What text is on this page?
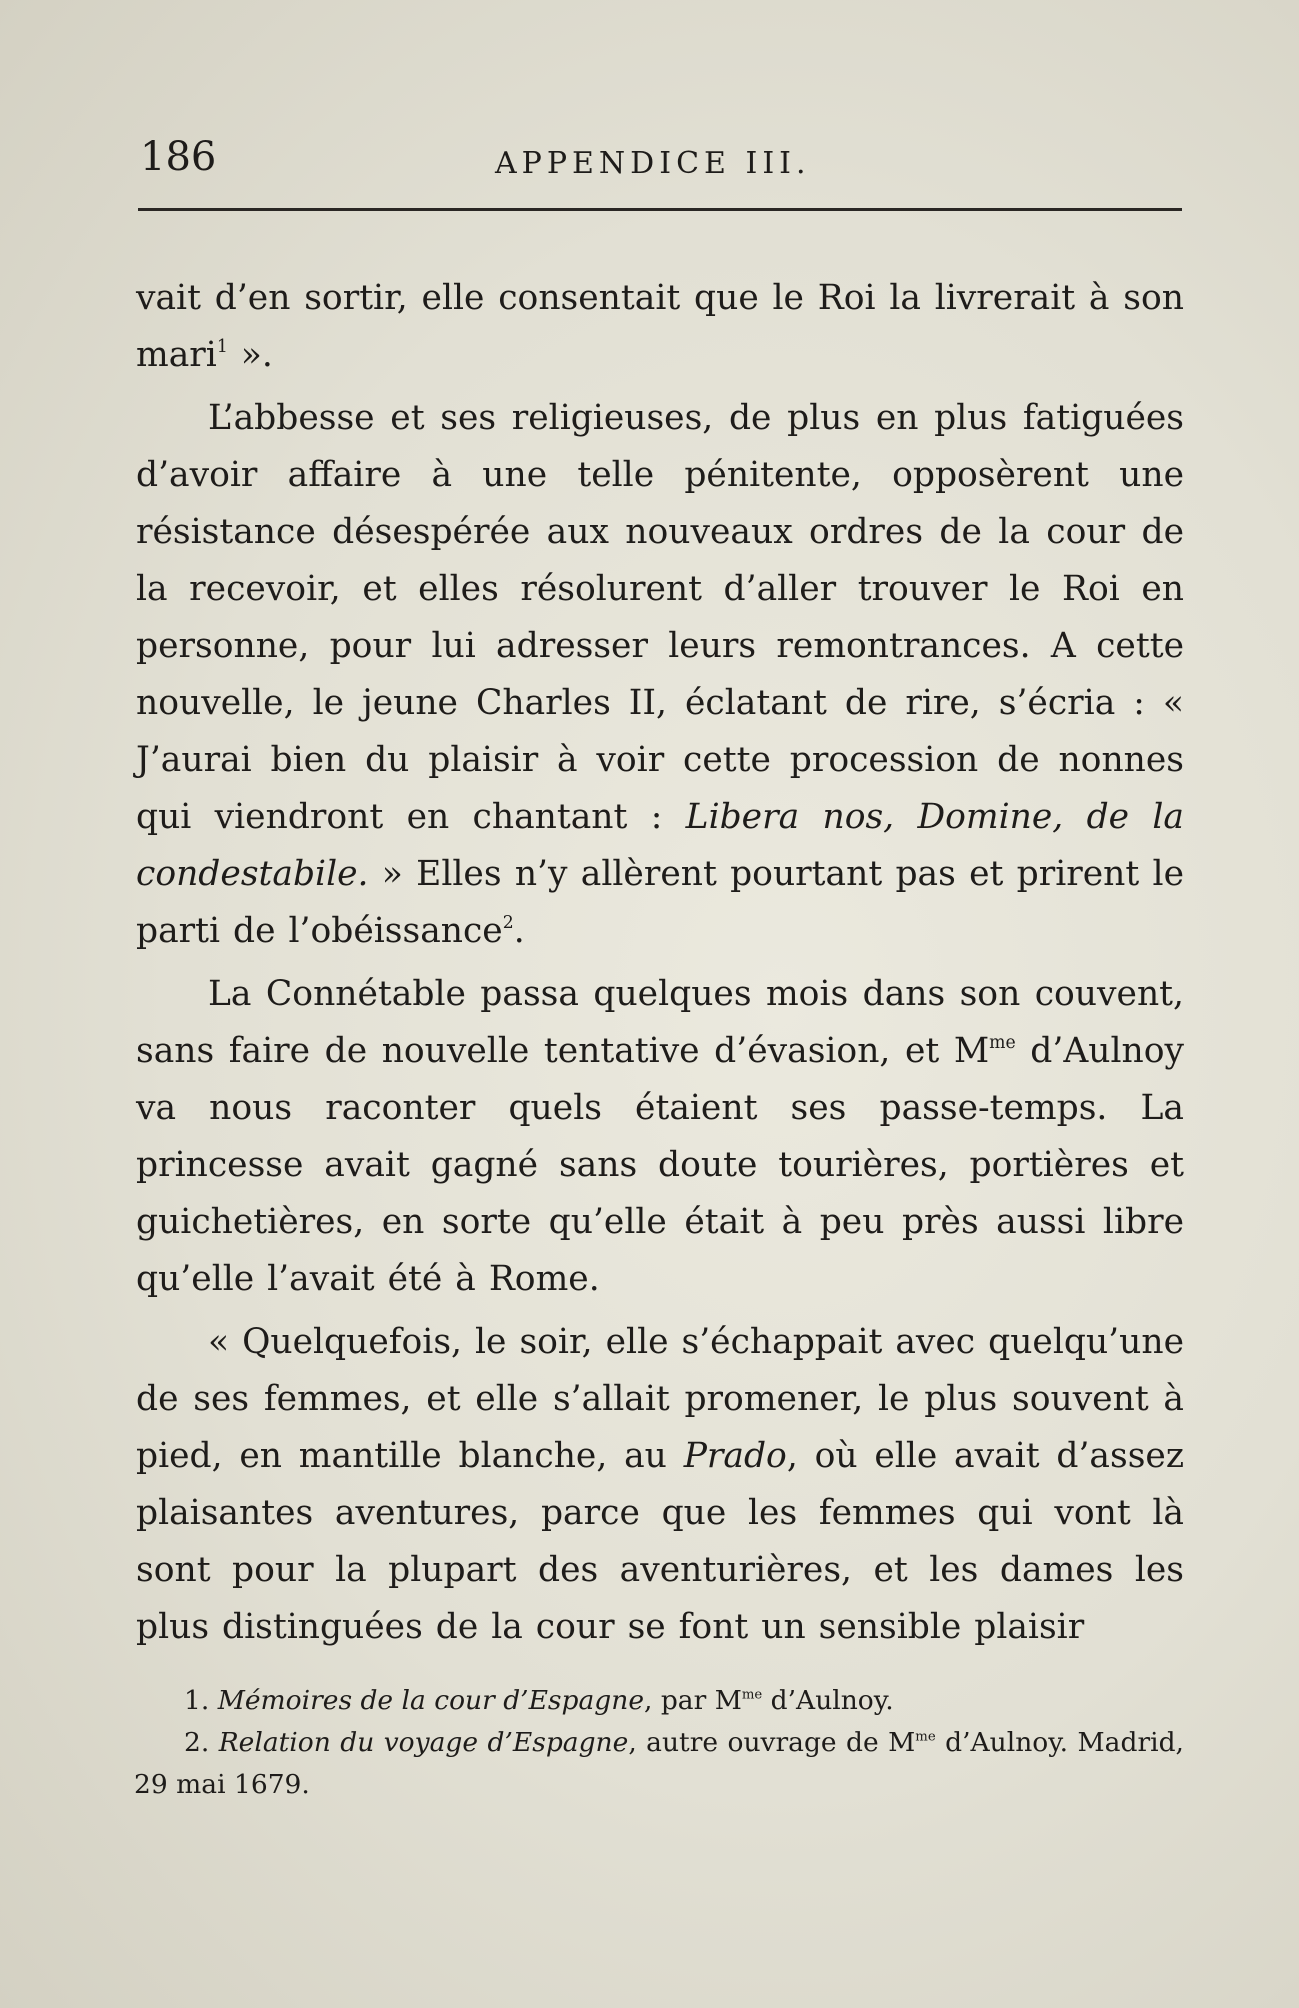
186	APPENDICE III.

vait d’en sortir, elle consentait que le Roi la livrerait à son mari$^1$ ».

L’abbesse et ses religieuses, de plus en plus fatiguées d’avoir affaire à une telle pénitente, opposèrent une résistance désespérée aux nouveaux ordres de la cour de la recevoir, et elles résolurent d’aller trouver le Roi en personne, pour lui adresser leurs remontrances. A cette nouvelle, le jeune Charles II, éclatant de rire, s’écria : « J’aurai bien du plaisir à voir cette procession de nonnes qui viendront en chantant : Libera nos, Domine, de la condestabile. » Elles n’y allèrent pourtant pas et prirent le parti de l’obéissance$^2$.

La Connétable passa quelques mois dans son couvent, sans faire de nouvelle tentative d’évasion, et $M^{me}$ d’Aulnoy va nous raconter quels étaient ses passe-temps. La princesse avait gagné sans doute tourières, portières et guichetières, en sorte qu’elle était à peu près aussi libre qu’elle l’avait été à Rome.

« Quelquefois, le soir, elle s’échappait avec quelqu’une de ses femmes, et elle s’allait promener, le plus souvent à pied, en mantille blanche, au Prado, où elle avait d’assez plaisantes aventures, parce que les femmes qui vont là sont pour la plupart des aventurières, et les dames les plus distinguées de la cour se font un sensible plaisir

1. Mémoires de la cour d’Espagne, par $M^{me}$ d’Aulnoy.

2. Relation du voyage d’Espagne, autre ouvrage de $M^{me}$ d’Aulnoy. Madrid, 29 mai 1679.
